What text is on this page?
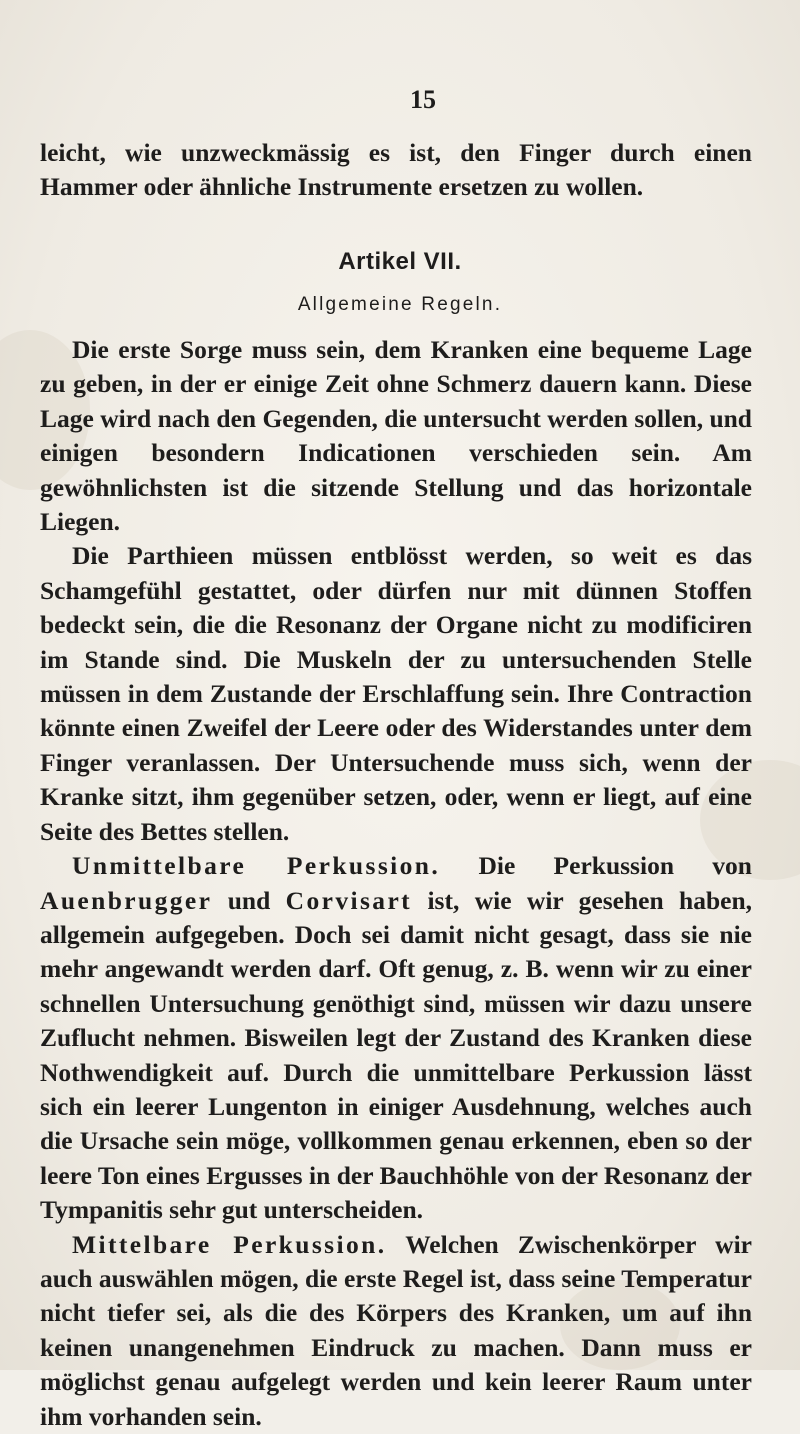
15

leicht, wie unzweckmässig es ist, den Finger durch einen Hammer oder ähnliche Instrumente ersetzen zu wollen.

Artikel VII.
Allgemeine Regeln.

Die erste Sorge muss sein, dem Kranken eine bequeme Lage zu geben, in der er einige Zeit ohne Schmerz dauern kann. Diese Lage wird nach den Gegenden, die untersucht werden sollen, und einigen besondern Indicationen verschieden sein. Am gewöhnlichsten ist die sitzende Stellung und das horizontale Liegen.

Die Parthieen müssen entblösst werden, so weit es das Schamgefühl gestattet, oder dürfen nur mit dünnen Stoffen bedeckt sein, die die Resonanz der Organe nicht zu modificiren im Stande sind. Die Muskeln der zu untersuchenden Stelle müssen in dem Zustande der Erschlaffung sein. Ihre Contraction könnte einen Zweifel der Leere oder des Widerstandes unter dem Finger veranlassen. Der Untersuchende muss sich, wenn der Kranke sitzt, ihm gegenüber setzen, oder, wenn er liegt, auf eine Seite des Bettes stellen.

Unmittelbare Perkussion. Die Perkussion von Auenbrugger und Corvisart ist, wie wir gesehen haben, allgemein aufgegeben. Doch sei damit nicht gesagt, dass sie nie mehr angewandt werden darf. Oft genug, z. B. wenn wir zu einer schnellen Untersuchung genöthigt sind, müssen wir dazu unsere Zuflucht nehmen. Bisweilen legt der Zustand des Kranken diese Nothwendigkeit auf. Durch die unmittelbare Perkussion lässt sich ein leerer Lungenton in einiger Ausdehnung, welches auch die Ursache sein möge, vollkommen genau erkennen, eben so der leere Ton eines Ergusses in der Bauchhöhle von der Resonanz der Tympanitis sehr gut unterscheiden.

Mittelbare Perkussion. Welchen Zwischenkörper wir auch auswählen mögen, die erste Regel ist, dass seine Temperatur nicht tiefer sei, als die des Körpers des Kranken, um auf ihn keinen unangenehmen Eindruck zu machen. Dann muss er möglichst genau aufgelegt werden und kein leerer Raum unter ihm vorhanden sein.
